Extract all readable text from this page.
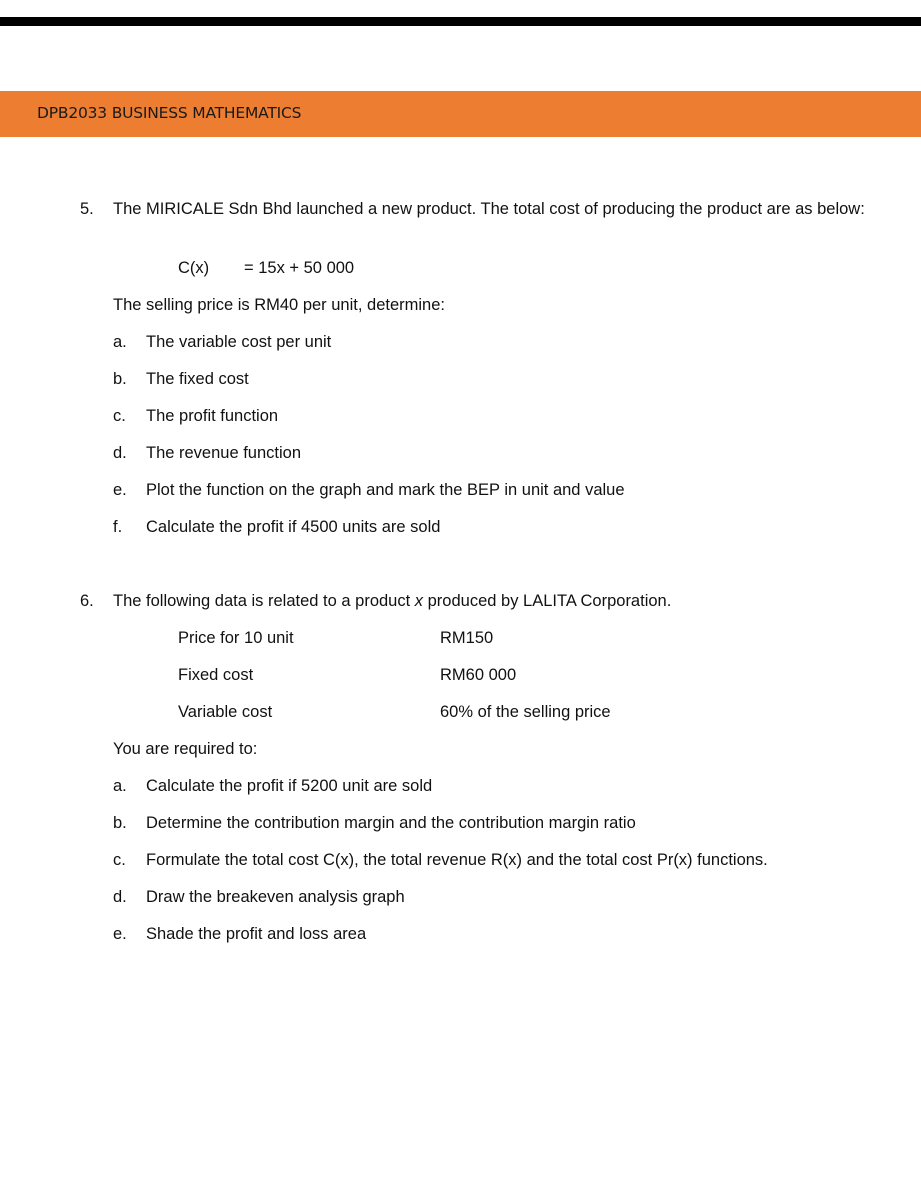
DPB2033 BUSINESS MATHEMATICS
5. The MIRICALE Sdn Bhd launched a new product. The total cost of producing the product are as below:
C(x) = 15x + 50 000
The selling price is RM40 per unit, determine:
a. The variable cost per unit
b. The fixed cost
c. The profit function
d. The revenue function
e. Plot the function on the graph and mark the BEP in unit and value
f. Calculate the profit if 4500 units are sold
6. The following data is related to a product x produced by LALITA Corporation.
Price for 10 unit	RM150
Fixed cost	RM60 000
Variable cost	60% of the selling price
You are required to:
a. Calculate the profit if 5200 unit are sold
b. Determine the contribution margin and the contribution margin ratio
c. Formulate the total cost C(x), the total revenue R(x) and the total cost Pr(x) functions.
d. Draw the breakeven analysis graph
e. Shade the profit and loss area
